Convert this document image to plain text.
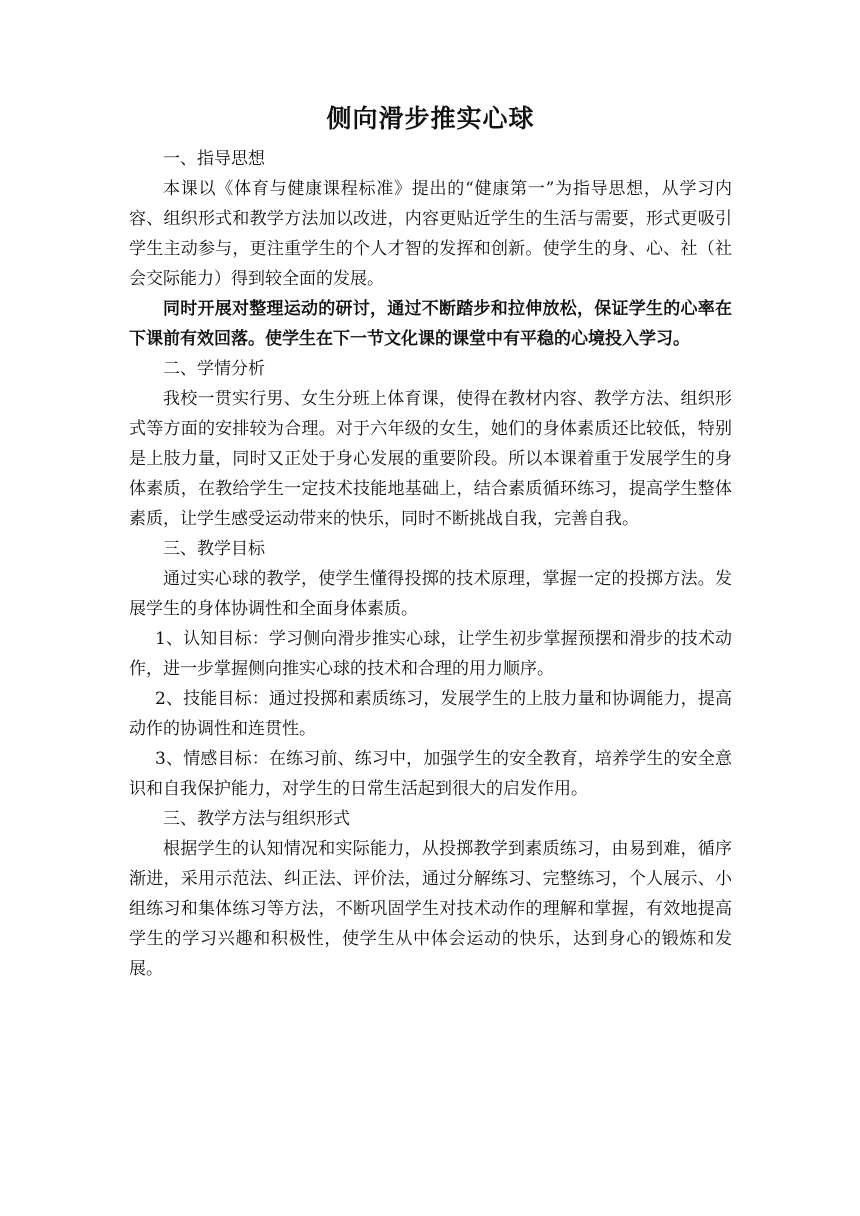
侧向滑步推实心球

一、指导思想

本课以《体育与健康课程标准》提出的“健康第一”为指导思想，从学习内容、组织形式和教学方法加以改进，内容更贴近学生的生活与需要，形式更吸引学生主动参与，更注重学生的个人才智的发挥和创新。使学生的身、心、社（社会交际能力）得到较全面的发展。

同时开展对整理运动的研讨，通过不断踏步和拉伸放松，保证学生的心率在下课前有效回落。使学生在下一节文化课的课堂中有平稳的心境投入学习。

二、学情分析

我校一贯实行男、女生分班上体育课，使得在教材内容、教学方法、组织形式等方面的安排较为合理。对于六年级的女生，她们的身体素质还比较低，特别是上肢力量，同时又正处于身心发展的重要阶段。所以本课着重于发展学生的身体素质，在教给学生一定技术技能地基础上，结合素质循环练习，提高学生整体素质，让学生感受运动带来的快乐，同时不断挑战自我，完善自我。

三、教学目标

通过实心球的教学，使学生懂得投掷的技术原理，掌握一定的投掷方法。发展学生的身体协调性和全面身体素质。

1、认知目标：学习侧向滑步推实心球，让学生初步掌握预摆和滑步的技术动作，进一步掌握侧向推实心球的技术和合理的用力顺序。

2、技能目标：通过投掷和素质练习，发展学生的上肢力量和协调能力，提高动作的协调性和连贯性。

3、情感目标：在练习前、练习中，加强学生的安全教育，培养学生的安全意识和自我保护能力，对学生的日常生活起到很大的启发作用。

三、教学方法与组织形式

根据学生的认知情况和实际能力，从投掷教学到素质练习，由易到难，循序渐进，采用示范法、纠正法、评价法，通过分解练习、完整练习，个人展示、小组练习和集体练习等方法，不断巩固学生对技术动作的理解和掌握，有效地提高学生的学习兴趣和积极性，使学生从中体会运动的快乐，达到身心的锻炼和发展。
